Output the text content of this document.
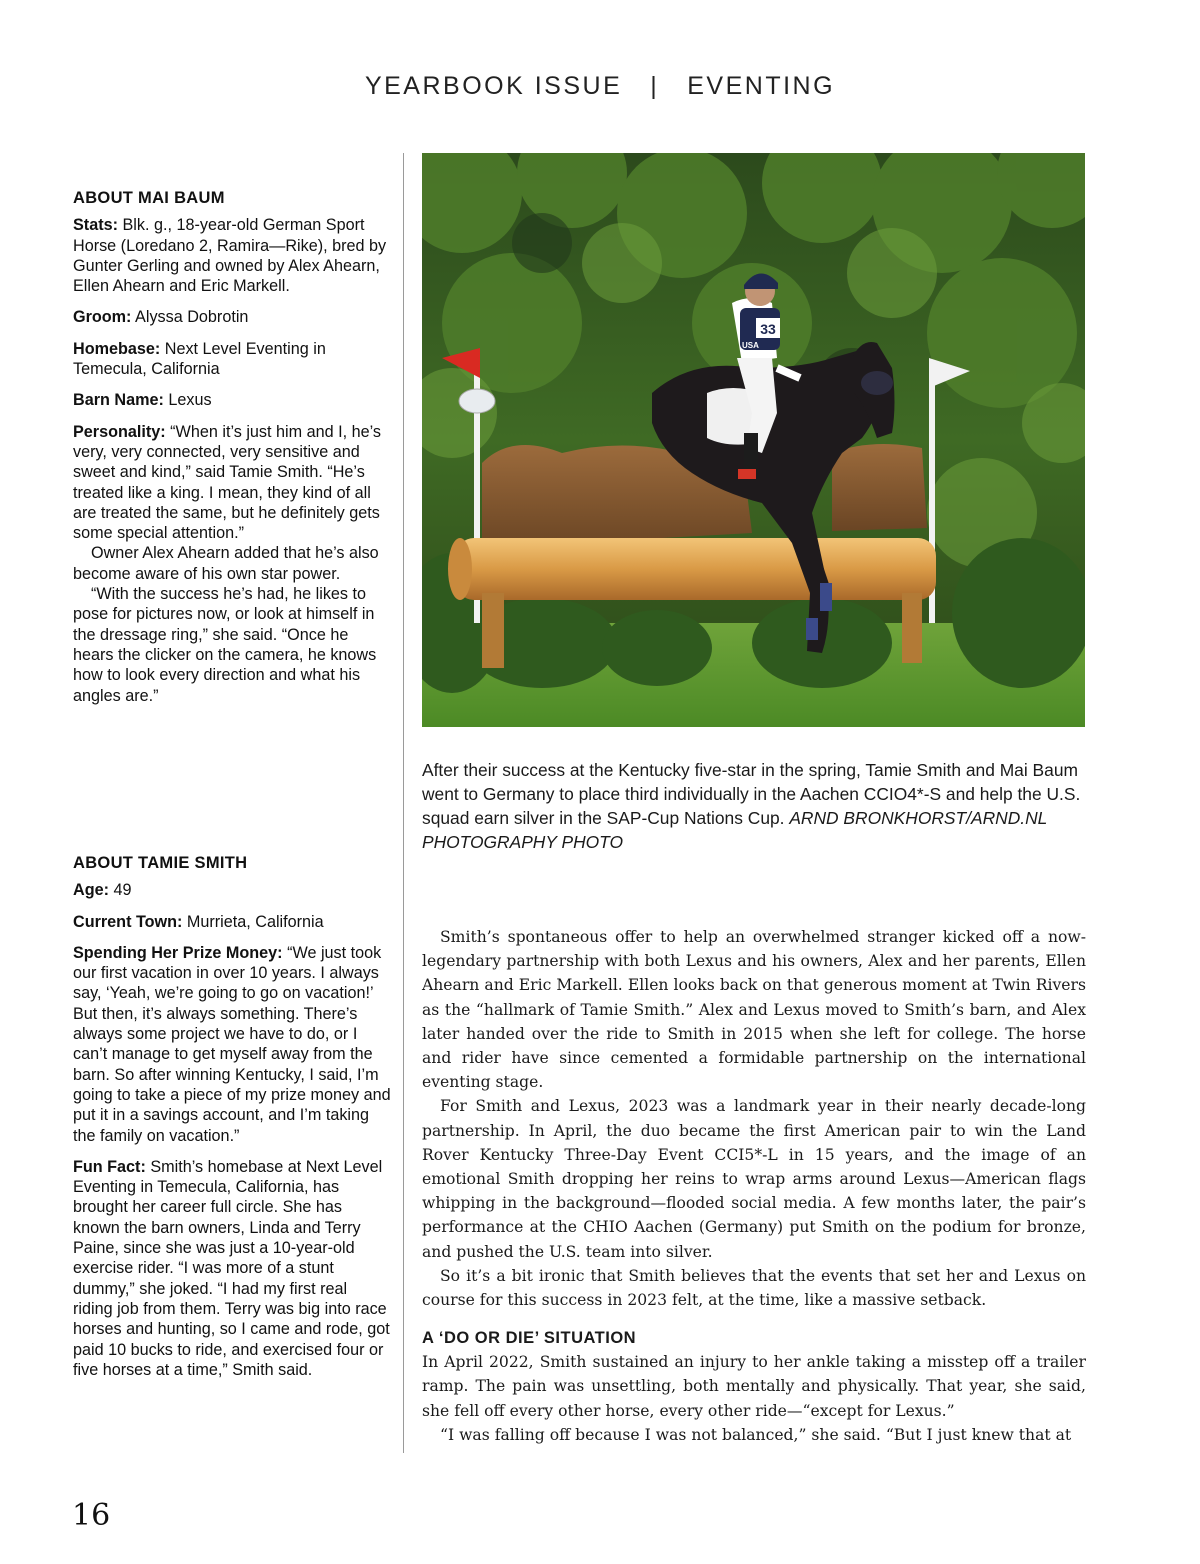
YEARBOOK ISSUE | EVENTING
ABOUT MAI BAUM

Stats: Blk. g., 18-year-old German Sport Horse (Loredano 2, Ramira—Rike), bred by Gunter Gerling and owned by Alex Ahearn, Ellen Ahearn and Eric Markell.

Groom: Alyssa Dobrotin

Homebase: Next Level Eventing in Temecula, California

Barn Name: Lexus

Personality: “When it’s just him and I, he’s very, very connected, very sensitive and sweet and kind,” said Tamie Smith. “He’s treated like a king. I mean, they kind of all are treated the same, but he definitely gets some special attention.”

Owner Alex Ahearn added that he’s also become aware of his own star power.

“With the success he’s had, he likes to pose for pictures now, or look at himself in the dressage ring,” she said. “Once he hears the clicker on the camera, he knows how to look every direction and what his angles are.”

ABOUT TAMIE SMITH

Age: 49

Current Town: Murrieta, California

Spending Her Prize Money: “We just took our first vacation in over 10 years. I always say, ‘Yeah, we’re going to go on vacation!’ But then, it’s always something. There’s always some project we have to do, or I can’t manage to get myself away from the barn. So after winning Kentucky, I said, I’m going to take a piece of my prize money and put it in a savings account, and I’m taking the family on vacation.”

Fun Fact: Smith’s homebase at Next Level Eventing in Temecula, California, has brought her career full circle. She has known the barn owners, Linda and Terry Paine, since she was just a 10-year-old exercise rider. “I was more of a stunt dummy,” she joked. “I had my first real riding job from them. Terry was big into race horses and hunting, so I came and rode, got paid 10 bucks to ride, and exercised four or five horses at a time,” Smith said.

33
USA
After their success at the Kentucky five-star in the spring, Tamie Smith and Mai Baum went to Germany to place third individually in the Aachen CCIO4*-S and help the U.S. squad earn silver in the SAP-Cup Nations Cup. ARND BRONKHORST/ARND.NL PHOTOGRAPHY PHOTO

Smith’s spontaneous offer to help an overwhelmed stranger kicked off a now-legendary partnership with both Lexus and his owners, Alex and her parents, Ellen Ahearn and Eric Markell. Ellen looks back on that generous moment at Twin Rivers as the “hallmark of Tamie Smith.” Alex and Lexus moved to Smith’s barn, and Alex later handed over the ride to Smith in 2015 when she left for college. The horse and rider have since cemented a formidable partnership on the international eventing stage.

For Smith and Lexus, 2023 was a landmark year in their nearly decade-long partnership. In April, the duo became the first American pair to win the Land Rover Kentucky Three-Day Event CCI5*-L in 15 years, and the image of an emotional Smith dropping her reins to wrap arms around Lexus—American flags whipping in the background—flooded social media. A few months later, the pair’s performance at the CHIO Aachen (Germany) put Smith on the podium for bronze, and pushed the U.S. team into silver.

So it’s a bit ironic that Smith believes that the events that set her and Lexus on course for this success in 2023 felt, at the time, like a massive setback.

A ‘DO OR DIE’ SITUATION

In April 2022, Smith sustained an injury to her ankle taking a misstep off a trailer ramp. The pain was unsettling, both mentally and physically. That year, she said, she fell off every other horse, every other ride—“except for Lexus.”

“I was falling off because I was not balanced,” she said. “But I just knew that at

16
